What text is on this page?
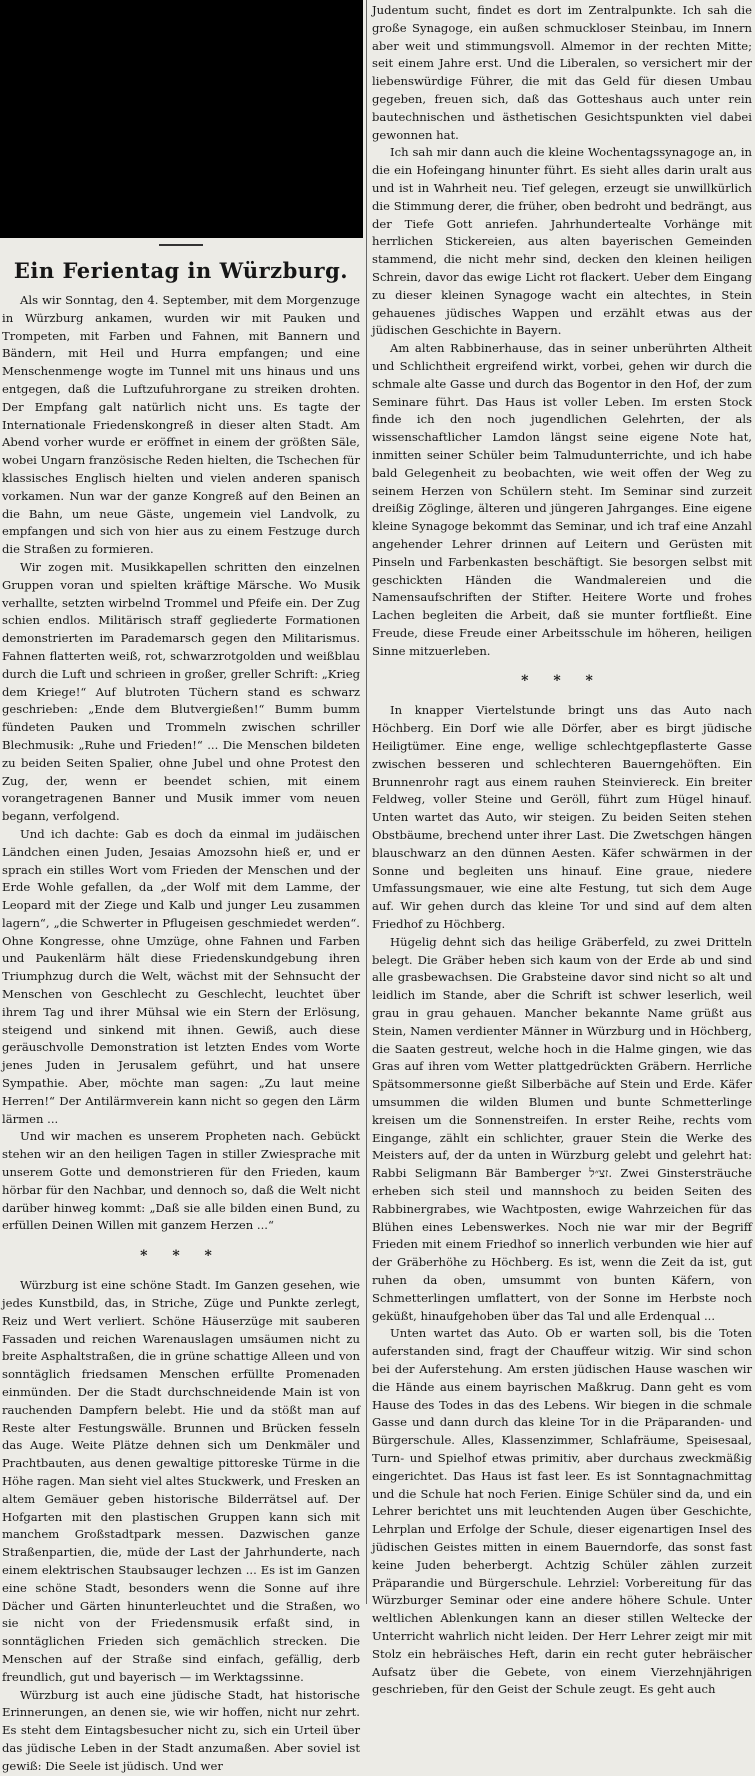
Ein Ferientag in Würzburg.

Als wir Sonntag, den 4. September, mit dem Morgenzuge in Würzburg ankamen, wurden wir mit Pauken und Trompeten, mit Farben und Fahnen, mit Bannern und Bändern, mit Heil und Hurra empfangen; und eine Menschenmenge wogte im Tunnel mit uns hinaus und uns entgegen, daß die Luftzufuhrorgane zu streiken drohten. Der Empfang galt natürlich nicht uns. Es tagte der Internationale Friedenskongreß in dieser alten Stadt. Am Abend vorher wurde er eröffnet in einem der größten Säle, wobei Ungarn französische Reden hielten, die Tschechen für klassisches Englisch hielten und vielen anderen spanisch vorkamen. Nun war der ganze Kongreß auf den Beinen an die Bahn, um neue Gäste, ungemein viel Landvolk, zu empfangen und sich von hier aus zu einem Festzuge durch die Straßen zu formieren.

Wir zogen mit. Musikkapellen schritten den einzelnen Gruppen voran und spielten kräftige Märsche. Wo Musik verhallte, setzten wirbelnd Trommel und Pfeife ein. Der Zug schien endlos. Militärisch straff gegliederte Formationen demonstrierten im Parademarsch gegen den Militarismus. Fahnen flatterten weiß, rot, schwarzrotgolden und weißblau durch die Luft und schrieen in großer, greller Schrift: „Krieg dem Kriege!“ Auf blutroten Tüchern stand es schwarz geschrieben: „Ende dem Blutvergießen!“ Bumm bumm fündeten Pauken und Trommeln zwischen schriller Blechmusik: „Ruhe und Frieden!“ ... Die Menschen bildeten zu beiden Seiten Spalier, ohne Jubel und ohne Protest den Zug, der, wenn er beendet schien, mit einem vorangetragenen Banner und Musik immer vom neuen begann, verfolgend.

Und ich dachte: Gab es doch da einmal im judäischen Ländchen einen Juden, Jesaias Amozsohn hieß er, und er sprach ein stilles Wort vom Frieden der Menschen und der Erde Wohle gefallen, da „der Wolf mit dem Lamme, der Leopard mit der Ziege und Kalb und junger Leu zusammen lagern“, „die Schwerter in Pflugeisen geschmiedet werden“. Ohne Kongresse, ohne Umzüge, ohne Fahnen und Farben und Paukenlärm hält diese Friedenskundgebung ihren Triumphzug durch die Welt, wächst mit der Sehnsucht der Menschen von Geschlecht zu Geschlecht, leuchtet über ihrem Tag und ihrer Mühsal wie ein Stern der Erlösung, steigend und sinkend mit ihnen. Gewiß, auch diese geräuschvolle Demonstration ist letzten Endes vom Worte jenes Juden in Jerusalem geführt, und hat unsere Sympathie. Aber, möchte man sagen: „Zu laut meine Herren!“ Der Antilärmverein kann nicht so gegen den Lärm lärmen ...

Und wir machen es unserem Propheten nach. Gebückt stehen wir an den heiligen Tagen in stiller Zwiesprache mit unserem Gotte und demonstrieren für den Frieden, kaum hörbar für den Nachbar, und dennoch so, daß die Welt nicht darüber hinweg kommt: „Daß sie alle bilden einen Bund, zu erfüllen Deinen Willen mit ganzem Herzen ...“

* * *

Würzburg ist eine schöne Stadt. Im Ganzen gesehen, wie jedes Kunstbild, das, in Striche, Züge und Punkte zerlegt, Reiz und Wert verliert. Schöne Häuserzüge mit sauberen Fassaden und reichen Warenauslagen umsäumen nicht zu breite Asphaltstraßen, die in grüne schattige Alleen und von sonntäglich friedsamen Menschen erfüllte Promenaden einmünden. Der die Stadt durchschneidende Main ist von rauchenden Dampfern belebt. Hie und da stößt man auf Reste alter Festungswälle. Brunnen und Brücken fesseln das Auge. Weite Plätze dehnen sich um Denkmäler und Prachtbauten, aus denen gewaltige pittoreske Türme in die Höhe ragen. Man sieht viel altes Stuckwerk, und Fresken an altem Gemäuer geben historische Bilderrätsel auf. Der Hofgarten mit den plastischen Gruppen kann sich mit manchem Großstadtpark messen. Dazwischen ganze Straßenpartien, die, müde der Last der Jahrhunderte, nach einem elektrischen Staubsauger lechzen ... Es ist im Ganzen eine schöne Stadt, besonders wenn die Sonne auf ihre Dächer und Gärten hinunterleuchtet und die Straßen, wo sie nicht von der Friedensmusik erfaßt sind, in sonntäglichen Frieden sich gemächlich strecken. Die Menschen auf der Straße sind einfach, gefällig, derb freundlich, gut und bayerisch — im Werktagssinne.

Würzburg ist auch eine jüdische Stadt, hat historische Erinnerungen, an denen sie, wie wir hoffen, nicht nur zehrt. Es steht dem Eintagsbesucher nicht zu, sich ein Urteil über das jüdische Leben in der Stadt anzumaßen. Aber soviel ist gewiß: Die Seele ist jüdisch. Und wer

Judentum sucht, findet es dort im Zentralpunkte. Ich sah die große Synagoge, ein außen schmuckloser Steinbau, im Innern aber weit und stimmungsvoll. Almemor in der rechten Mitte; seit einem Jahre erst. Und die Liberalen, so versichert mir der liebenswürdige Führer, die mit das Geld für diesen Umbau gegeben, freuen sich, daß das Gotteshaus auch unter rein bautechnischen und ästhetischen Gesichtspunkten viel dabei gewonnen hat.

Ich sah mir dann auch die kleine Wochentagssynagoge an, in die ein Hofeingang hinunter führt. Es sieht alles darin uralt aus und ist in Wahrheit neu. Tief gelegen, erzeugt sie unwillkürlich die Stimmung derer, die früher, oben bedroht und bedrängt, aus der Tiefe Gott anriefen. Jahrhundertealte Vorhänge mit herrlichen Stickereien, aus alten bayerischen Gemeinden stammend, die nicht mehr sind, decken den kleinen heiligen Schrein, davor das ewige Licht rot flackert. Ueber dem Eingang zu dieser kleinen Synagoge wacht ein altechtes, in Stein gehauenes jüdisches Wappen und erzählt etwas aus der jüdischen Geschichte in Bayern.

Am alten Rabbinerhause, das in seiner unberührten Altheit und Schlichtheit ergreifend wirkt, vorbei, gehen wir durch die schmale alte Gasse und durch das Bogentor in den Hof, der zum Seminare führt. Das Haus ist voller Leben. Im ersten Stock finde ich den noch jugendlichen Gelehrten, der als wissenschaftlicher Lamdon längst seine eigene Note hat, inmitten seiner Schüler beim Talmudunterrichte, und ich habe bald Gelegenheit zu beobachten, wie weit offen der Weg zu seinem Herzen von Schülern steht. Im Seminar sind zurzeit dreißig Zöglinge, älteren und jüngeren Jahrganges. Eine eigene kleine Synagoge bekommt das Seminar, und ich traf eine Anzahl angehender Lehrer drinnen auf Leitern und Gerüsten mit Pinseln und Farbenkasten beschäftigt. Sie besorgen selbst mit geschickten Händen die Wandmalereien und die Namensaufschriften der Stifter. Heitere Worte und frohes Lachen begleiten die Arbeit, daß sie munter fortfließt. Eine Freude, diese Freude einer Arbeitsschule im höheren, heiligen Sinne mitzuerleben.

* * *

In knapper Viertelstunde bringt uns das Auto nach Höchberg. Ein Dorf wie alle Dörfer, aber es birgt jüdische Heiligtümer. Eine enge, wellige schlechtgepflasterte Gasse zwischen besseren und schlechteren Bauerngehöften. Ein Brunnenrohr ragt aus einem rauhen Steinviereck. Ein breiter Feldweg, voller Steine und Geröll, führt zum Hügel hinauf. Unten wartet das Auto, wir steigen. Zu beiden Seiten stehen Obstbäume, brechend unter ihrer Last. Die Zwetschgen hängen blauschwarz an den dünnen Aesten. Käfer schwärmen in der Sonne und begleiten uns hinauf. Eine graue, niedere Umfassungsmauer, wie eine alte Festung, tut sich dem Auge auf. Wir gehen durch das kleine Tor und sind auf dem alten Friedhof zu Höchberg.

Hügelig dehnt sich das heilige Gräberfeld, zu zwei Dritteln belegt. Die Gräber heben sich kaum von der Erde ab und sind alle grasbewachsen. Die Grabsteine davor sind nicht so alt und leidlich im Stande, aber die Schrift ist schwer leserlich, weil grau in grau gehauen. Mancher bekannte Name grüßt aus Stein, Namen verdienter Männer in Würzburg und in Höchberg, die Saaten gestreut, welche hoch in die Halme gingen, wie das Gras auf ihren vom Wetter plattgedrückten Gräbern. Herrliche Spätsommersonne gießt Silberbäche auf Stein und Erde. Käfer umsummen die wilden Blumen und bunte Schmetterlinge kreisen um die Sonnenstreifen. In erster Reihe, rechts vom Eingange, zählt ein schlichter, grauer Stein die Werke des Meisters auf, der da unten in Würzburg gelebt und gelehrt hat: Rabbi Seligmann Bär Bamberger זצ״ל. Zwei Ginstersträuche erheben sich steil und mannshoch zu beiden Seiten des Rabbinergrabes, wie Wachtposten, ewige Wahrzeichen für das Blühen eines Lebenswerkes. Noch nie war mir der Begriff Frieden mit einem Friedhof so innerlich verbunden wie hier auf der Gräberhöhe zu Höchberg. Es ist, wenn die Zeit da ist, gut ruhen da oben, umsummt von bunten Käfern, von Schmetterlingen umflattert, von der Sonne im Herbste noch geküßt, hinaufgehoben über das Tal und alle Erdenqual ...

Unten wartet das Auto. Ob er warten soll, bis die Toten auferstanden sind, fragt der Chauffeur witzig. Wir sind schon bei der Auferstehung. Am ersten jüdischen Hause waschen wir die Hände aus einem bayrischen Maßkrug. Dann geht es vom Hause des Todes in das des Lebens. Wir biegen in die schmale Gasse und dann durch das kleine Tor in die Präparanden- und Bürgerschule. Alles, Klassenzimmer, Schlafräume, Speisesaal, Turn- und Spielhof etwas primitiv, aber durchaus zweckmäßig eingerichtet. Das Haus ist fast leer. Es ist Sonntagnachmittag und die Schule hat noch Ferien. Einige Schüler sind da, und ein Lehrer berichtet uns mit leuchtenden Augen über Geschichte, Lehrplan und Erfolge der Schule, dieser eigenartigen Insel des jüdischen Geistes mitten in einem Bauerndorfe, das sonst fast keine Juden beherbergt. Achtzig Schüler zählen zurzeit Präparandie und Bürgerschule. Lehrziel: Vorbereitung für das Würzburger Seminar oder eine andere höhere Schule. Unter weltlichen Ablenkungen kann an dieser stillen Weltecke der Unterricht wahrlich nicht leiden. Der Herr Lehrer zeigt mir mit Stolz ein hebräisches Heft, darin ein recht guter hebräischer Aufsatz über die Gebete, von einem Vierzehnjährigen geschrieben, für den Geist der Schule zeugt. Es geht auch
